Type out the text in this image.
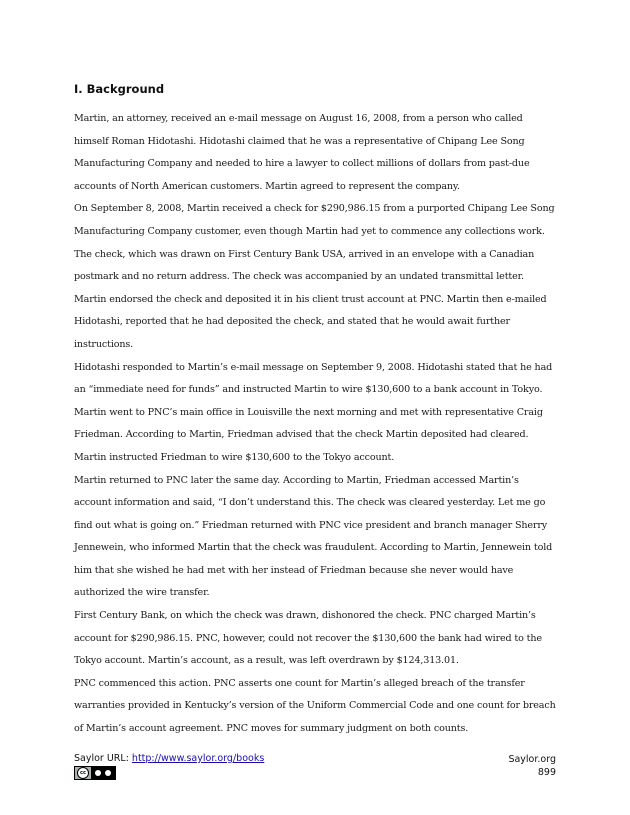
I. Background

Martin, an attorney, received an e-mail message on August 16, 2008, from a person who called himself Roman Hidotashi. Hidotashi claimed that he was a representative of Chipang Lee Song Manufacturing Company and needed to hire a lawyer to collect millions of dollars from past-due accounts of North American customers. Martin agreed to represent the company.

On September 8, 2008, Martin received a check for $290,986.15 from a purported Chipang Lee Song Manufacturing Company customer, even though Martin had yet to commence any collections work. The check, which was drawn on First Century Bank USA, arrived in an envelope with a Canadian postmark and no return address. The check was accompanied by an undated transmittal letter. Martin endorsed the check and deposited it in his client trust account at PNC. Martin then e-mailed Hidotashi, reported that he had deposited the check, and stated that he would await further instructions.

Hidotashi responded to Martin’s e-mail message on September 9, 2008. Hidotashi stated that he had an “immediate need for funds” and instructed Martin to wire $130,600 to a bank account in Tokyo. Martin went to PNC’s main office in Louisville the next morning and met with representative Craig Friedman. According to Martin, Friedman advised that the check Martin deposited had cleared. Martin instructed Friedman to wire $130,600 to the Tokyo account.

Martin returned to PNC later the same day. According to Martin, Friedman accessed Martin’s account information and said, “I don’t understand this. The check was cleared yesterday. Let me go find out what is going on.” Friedman returned with PNC vice president and branch manager Sherry Jennewein, who informed Martin that the check was fraudulent. According to Martin, Jennewein told him that she wished he had met with her instead of Friedman because she never would have authorized the wire transfer.

First Century Bank, on which the check was drawn, dishonored the check. PNC charged Martin’s account for $290,986.15. PNC, however, could not recover the $130,600 the bank had wired to the Tokyo account. Martin’s account, as a result, was left overdrawn by $124,313.01.

PNC commenced this action. PNC asserts one count for Martin’s alleged breach of the transfer warranties provided in Kentucky’s version of the Uniform Commercial Code and one count for breach of Martin’s account agreement. PNC moves for summary judgment on both counts.

Saylor URL: http://www.saylor.org/books
cc
Saylor.org
899
